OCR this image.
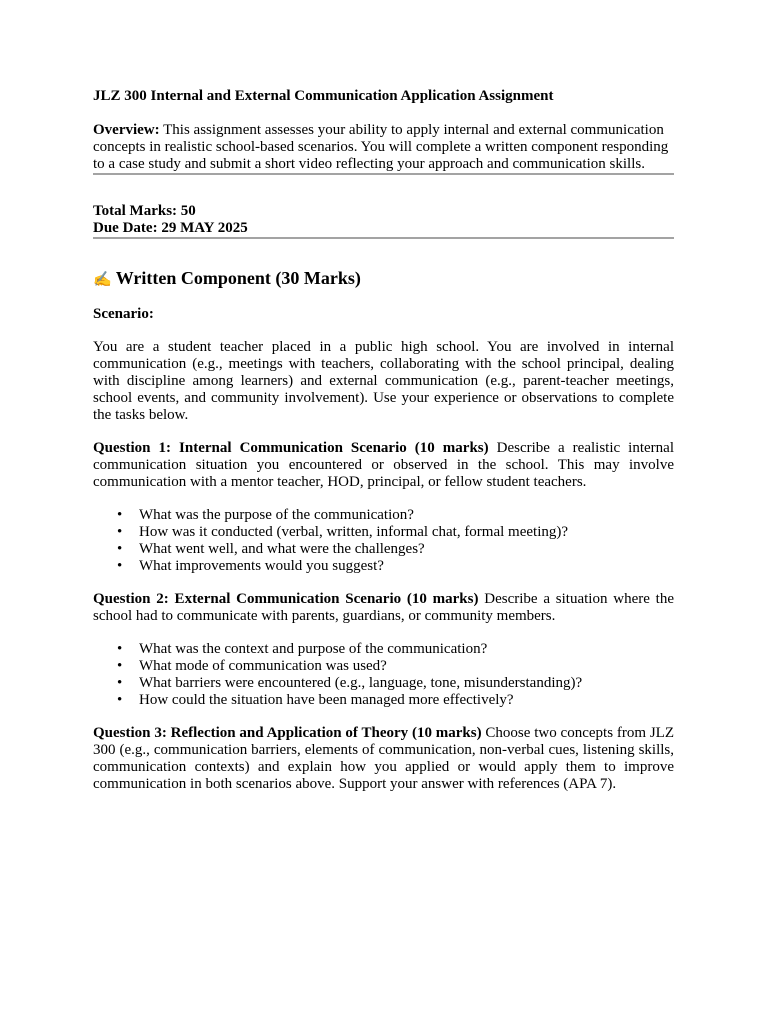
JLZ 300 Internal and External Communication Application Assignment

Overview: This assignment assesses your ability to apply internal and external communication concepts in realistic school-based scenarios. You will complete a written component responding to a case study and submit a short video reflecting your approach and communication skills.

Total Marks: 50

Due Date: 29 MAY 2025

✍️ Written Component (30 Marks)

Scenario:

You are a student teacher placed in a public high school. You are involved in internal communication (e.g., meetings with teachers, collaborating with the school principal, dealing with discipline among learners) and external communication (e.g., parent-teacher meetings, school events, and community involvement). Use your experience or observations to complete the tasks below.

Question 1: Internal Communication Scenario (10 marks) Describe a realistic internal communication situation you encountered or observed in the school. This may involve communication with a mentor teacher, HOD, principal, or fellow student teachers.

• What was the purpose of the communication?
• How was it conducted (verbal, written, informal chat, formal meeting)?
• What went well, and what were the challenges?
• What improvements would you suggest?

Question 2: External Communication Scenario (10 marks) Describe a situation where the school had to communicate with parents, guardians, or community members.

• What was the context and purpose of the communication?
• What mode of communication was used?
• What barriers were encountered (e.g., language, tone, misunderstanding)?
• How could the situation have been managed more effectively?

Question 3: Reflection and Application of Theory (10 marks) Choose two concepts from JLZ 300 (e.g., communication barriers, elements of communication, non-verbal cues, listening skills, communication contexts) and explain how you applied or would apply them to improve communication in both scenarios above. Support your answer with references (APA 7).
